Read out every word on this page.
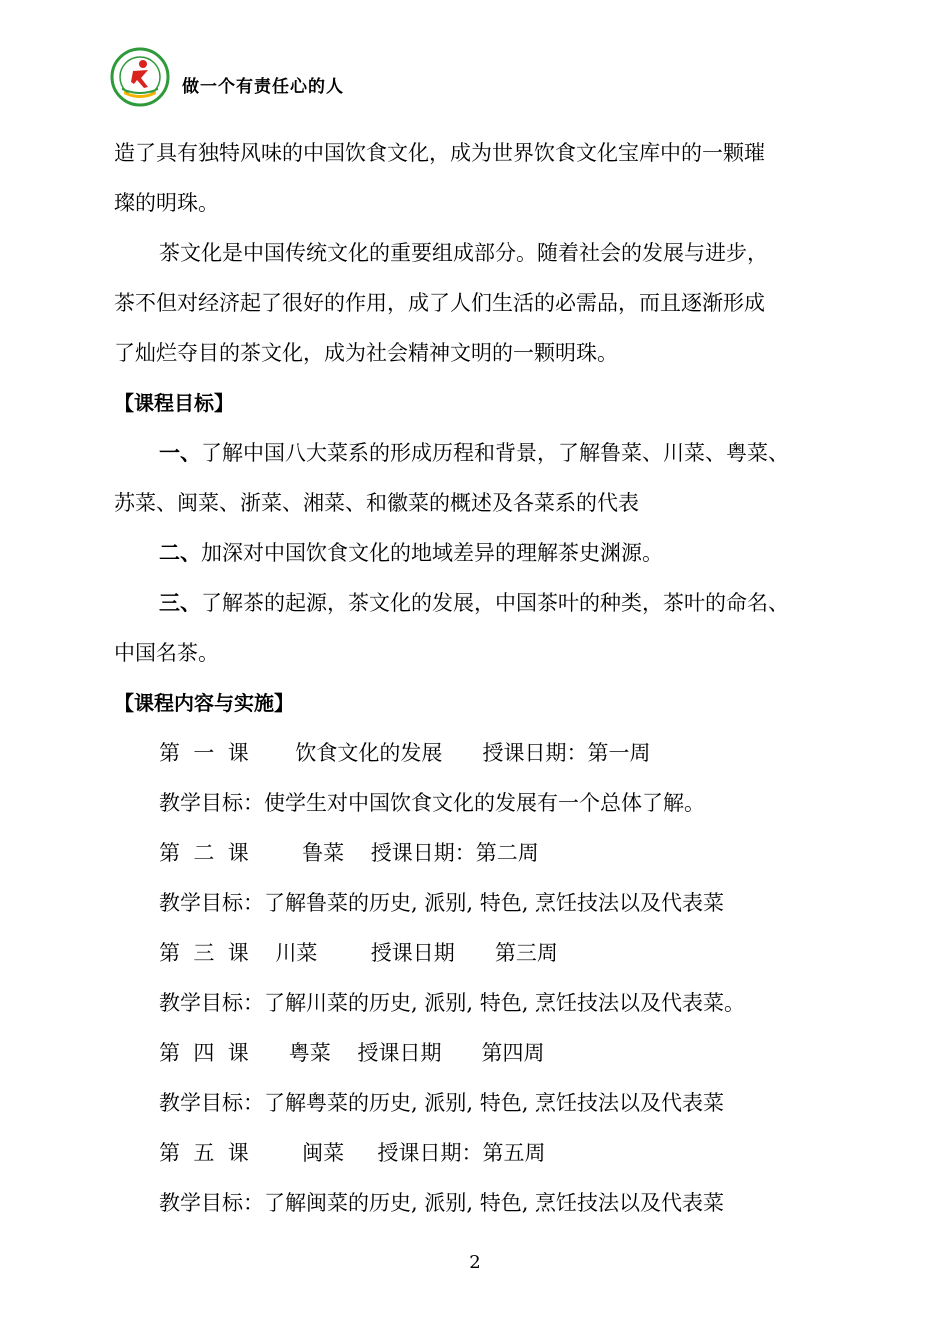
做一个有责任心的人
造了具有独特风味的中国饮食文化，成为世界饮食文化宝库中的一颗璀
璨的明珠。
茶文化是中国传统文化的重要组成部分。随着社会的发展与进步，
茶不但对经济起了很好的作用，成了人们生活的必需品，而且逐渐形成
了灿烂夺目的茶文化，成为社会精神文明的一颗明珠。
【课程目标】
一、了解中国八大菜系的形成历程和背景，了解鲁菜、川菜、粤菜、
苏菜、闽菜、浙菜、湘菜、和徽菜的概述及各菜系的代表
二、加深对中国饮食文化的地域差异的理解茶史渊源。
三、了解茶的起源，茶文化的发展，中国茶叶的种类，茶叶的命名、
中国名茶。
【课程内容与实施】
第  一  课       饮食文化的发展      授课日期：第一周
教学目标：使学生对中国饮食文化的发展有一个总体了解。
第  二  课        鲁菜    授课日期：第二周
教学目标：了解鲁菜的历史, 派别, 特色, 烹饪技法以及代表菜
第  三  课    川菜        授课日期      第三周
教学目标：了解川菜的历史, 派别, 特色, 烹饪技法以及代表菜。
第  四  课      粤菜    授课日期      第四周
教学目标：了解粤菜的历史, 派别, 特色, 烹饪技法以及代表菜
第  五  课        闽菜     授课日期：第五周
教学目标：了解闽菜的历史, 派别, 特色, 烹饪技法以及代表菜
2
